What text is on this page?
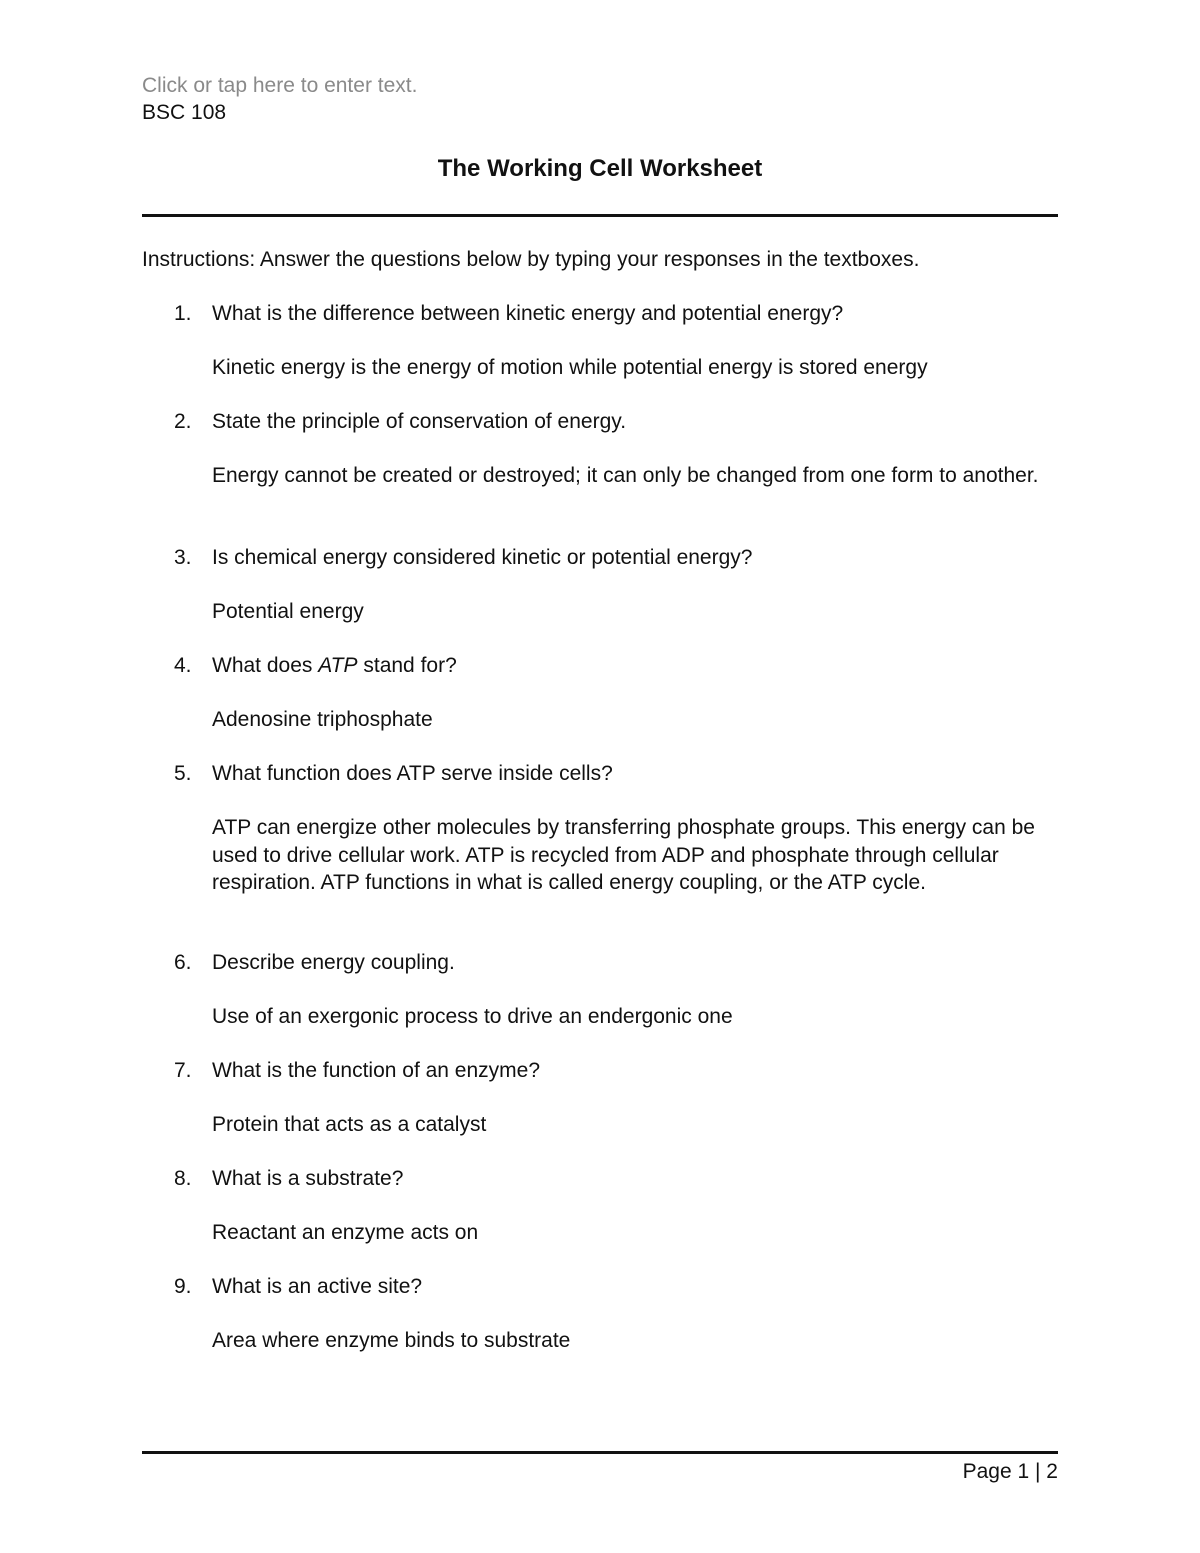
Click or tap here to enter text.
BSC 108
The Working Cell Worksheet
Instructions: Answer the questions below by typing your responses in the textboxes.
1. What is the difference between kinetic energy and potential energy?
Kinetic energy is the energy of motion while potential energy is stored energy
2. State the principle of conservation of energy.
Energy cannot be created or destroyed; it can only be changed from one form to another.
3. Is chemical energy considered kinetic or potential energy?
Potential energy
4. What does ATP stand for?
Adenosine triphosphate
5. What function does ATP serve inside cells?
ATP can energize other molecules by transferring phosphate groups. This energy can be used to drive cellular work. ATP is recycled from ADP and phosphate through cellular respiration. ATP functions in what is called energy coupling, or the ATP cycle.
6. Describe energy coupling.
Use of an exergonic process to drive an endergonic one
7. What is the function of an enzyme?
Protein that acts as a catalyst
8. What is a substrate?
Reactant an enzyme acts on
9. What is an active site?
Area where enzyme binds to substrate
Page 1 | 2
